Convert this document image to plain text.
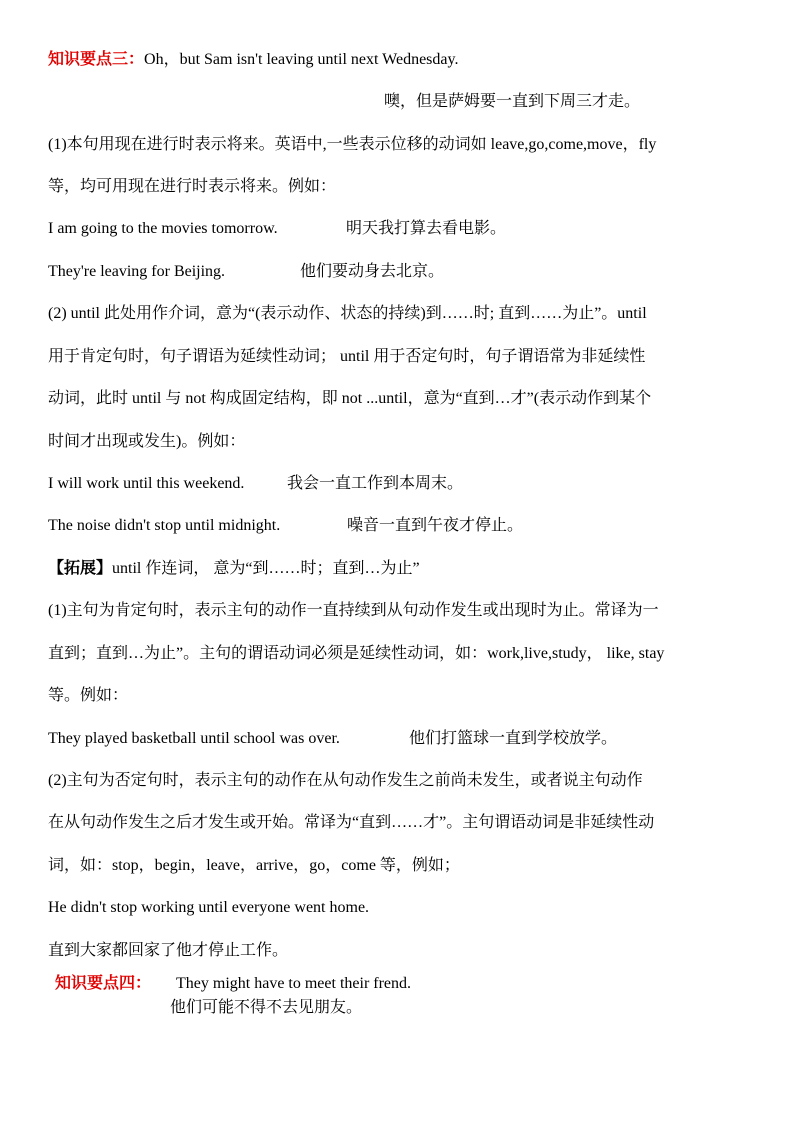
知识要点三：Oh，but Sam isn't leaving until next Wednesday.
噢，但是萨姆要一直到下周三才走。
(1)本句用现在进行时表示将来。英语中,一些表示位移的动词如 leave,go,come,move，fly
等，均可用现在进行时表示将来。例如：
I am going to the movies tomorrow.	明天我打算去看电影。
They're leaving for Beijing.	他们要动身去北京。
(2) until 此处用作介词，意为“(表示动作、状态的持续)到……时; 直到……为止”。until
用于肯定句时，句子谓语为延续性动词； until 用于否定句时，句子谓语常为非延续性
动词，此时 until 与 not 构成固定结构，即 not ...until，意为“直到…才”(表示动作到某个
时间才出现或发生)。例如：
I will work until this weekend.	我会一直工作到本周末。
The noise didn't stop until midnight.	噪音一直到午夜才停止。
【拓展】until 作连词， 意为“到……时；直到…为止”
(1)主句为肯定句时，表示主句的动作一直持续到从句动作发生或出现时为止。常译为一
直到；直到…为止”。主句的谓语动词必须是延续性动词，如：work,live,study， like, stay
等。例如：
They played basketball until school was over.	他们打篮球一直到学校放学。
(2)主句为否定句时，表示主句的动作在从句动作发生之前尚未发生，或者说主句动作
在从句动作发生之后才发生或开始。常译为“直到……才”。主句谓语动词是非延续性动
词，如：stop，begin，leave，arrive，go，come 等，例如；
He didn't stop working until everyone went home.
直到大家都回家了他才停止工作。
知识要点四： They might have to meet their frend.
他们可能不得不去见朋友。
